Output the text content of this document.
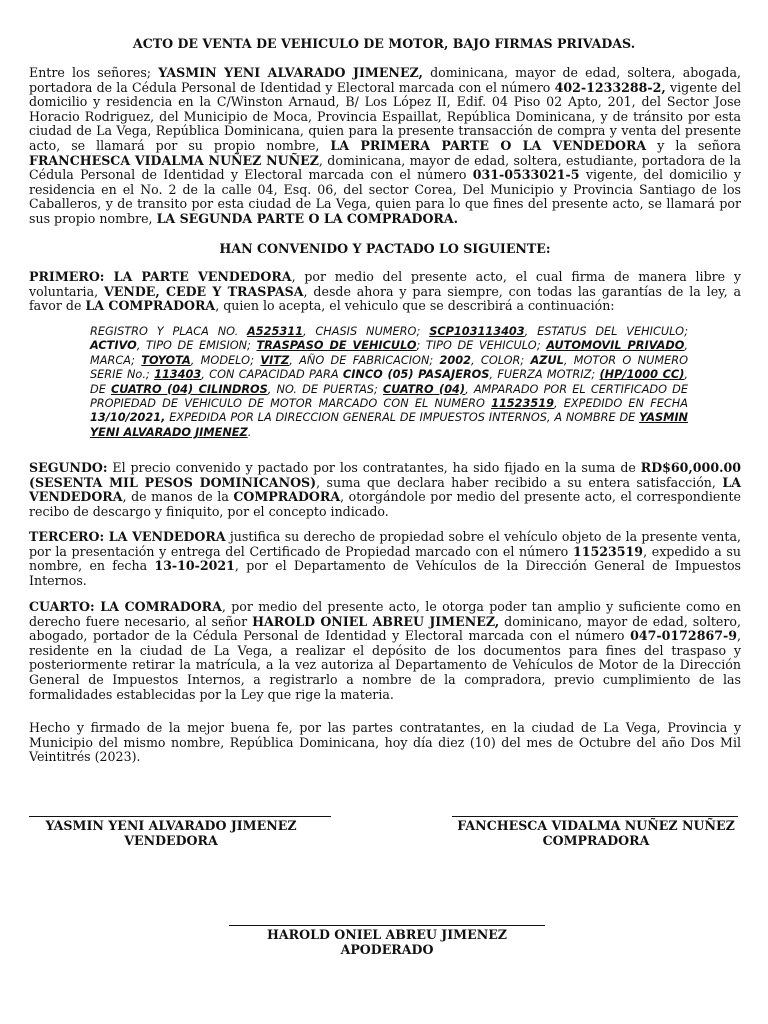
ACTO DE VENTA DE VEHICULO DE MOTOR, BAJO FIRMAS PRIVADAS.

Entre los señores; YASMIN YENI ALVARADO JIMENEZ, dominicana, mayor de edad, soltera, abogada, portadora de la Cédula Personal de Identidad y Electoral marcada con el número 402-1233288-2, vigente del domicilio y residencia en la C/Winston Arnaud, B/ Los López II, Edif. 04 Piso 02 Apto, 201, del Sector Jose Horacio Rodriguez, del Municipio de Moca, Provincia Espaillat, República Dominicana, y de tránsito por esta ciudad de La Vega, República Dominicana, quien para la presente transacción de compra y venta del presente acto, se llamará por su propio nombre, LA PRIMERA PARTE O LA VENDEDORA y la señora FRANCHESCA VIDALMA NUÑEZ NUÑEZ, dominicana, mayor de edad, soltera, estudiante, portadora de la Cédula Personal de Identidad y Electoral marcada con el número 031-0533021-5 vigente, del domicilio y residencia en el No. 2 de la calle 04, Esq. 06, del sector Corea, Del Municipio y Provincia Santiago de los Caballeros, y de transito por esta ciudad de La Vega, quien para lo que fines del presente acto, se llamará por sus propio nombre, LA SEGUNDA PARTE O LA COMPRADORA.

HAN CONVENIDO Y PACTADO LO SIGUIENTE:

PRIMERO: LA PARTE VENDEDORA, por medio del presente acto, el cual firma de manera libre y voluntaria, VENDE, CEDE Y TRASPASA, desde ahora y para siempre, con todas las garantías de la ley, a favor de LA COMPRADORA, quien lo acepta, el vehiculo que se describirá a continuación:

REGISTRO Y PLACA NO. A525311, CHASIS NUMERO; SCP103113403, ESTATUS DEL VEHICULO; ACTIVO, TIPO DE EMISION; TRASPASO DE VEHICULO; TIPO DE VEHICULO; AUTOMOVIL PRIVADO, MARCA; TOYOTA, MODELO; VITZ, AÑO DE FABRICACION; 2002, COLOR; AZUL, MOTOR O NUMERO SERIE No.; 113403, CON CAPACIDAD PARA CINCO (05) PASAJEROS, FUERZA MOTRIZ; (HP/1000 CC), DE CUATRO (04) CILINDROS, NO. DE PUERTAS; CUATRO (04), AMPARADO POR EL CERTIFICADO DE PROPIEDAD DE VEHICULO DE MOTOR MARCADO CON EL NUMERO 11523519, EXPEDIDO EN FECHA 13/10/2021, EXPEDIDA POR LA DIRECCION GENERAL DE IMPUESTOS INTERNOS, A NOMBRE DE YASMIN YENI ALVARADO JIMENEZ.

SEGUNDO: El precio convenido y pactado por los contratantes, ha sido fijado en la suma de RD$60,000.00 (SESENTA MIL PESOS DOMINICANOS), suma que declara haber recibido a su entera satisfacción, LA VENDEDORA, de manos de la COMPRADORA, otorgándole por medio del presente acto, el correspondiente recibo de descargo y finiquito, por el concepto indicado.

TERCERO: LA VENDEDORA justifica su derecho de propiedad sobre el vehículo objeto de la presente venta, por la presentación y entrega del Certificado de Propiedad marcado con el número 11523519, expedido a su nombre, en fecha 13-10-2021, por el Departamento de Vehículos de la Dirección General de Impuestos Internos.

CUARTO: LA COMRADORA, por medio del presente acto, le otorga poder tan amplio y suficiente como en derecho fuere necesario, al señor HAROLD ONIEL ABREU JIMENEZ, dominicano, mayor de edad, soltero, abogado, portador de la Cédula Personal de Identidad y Electoral marcada con el número 047-0172867-9, residente en la ciudad de La Vega, a realizar el depósito de los documentos para fines del traspaso y posteriormente retirar la matrícula, a la vez autoriza al Departamento de Vehículos de Motor de la Dirección General de Impuestos Internos, a registrarlo a nombre de la compradora, previo cumplimiento de las formalidades establecidas por la Ley que rige la materia.

Hecho y firmado de la mejor buena fe, por las partes contratantes, en la ciudad de La Vega, Provincia y Municipio del mismo nombre, República Dominicana, hoy día diez (10) del mes de Octubre del año Dos Mil Veintitrés (2023).

YASMIN YENI ALVARADO JIMENEZ
VENDEDORA
FANCHESCA VIDALMA NUÑEZ NUÑEZ
COMPRADORA
HAROLD ONIEL ABREU JIMENEZ
APODERADO
